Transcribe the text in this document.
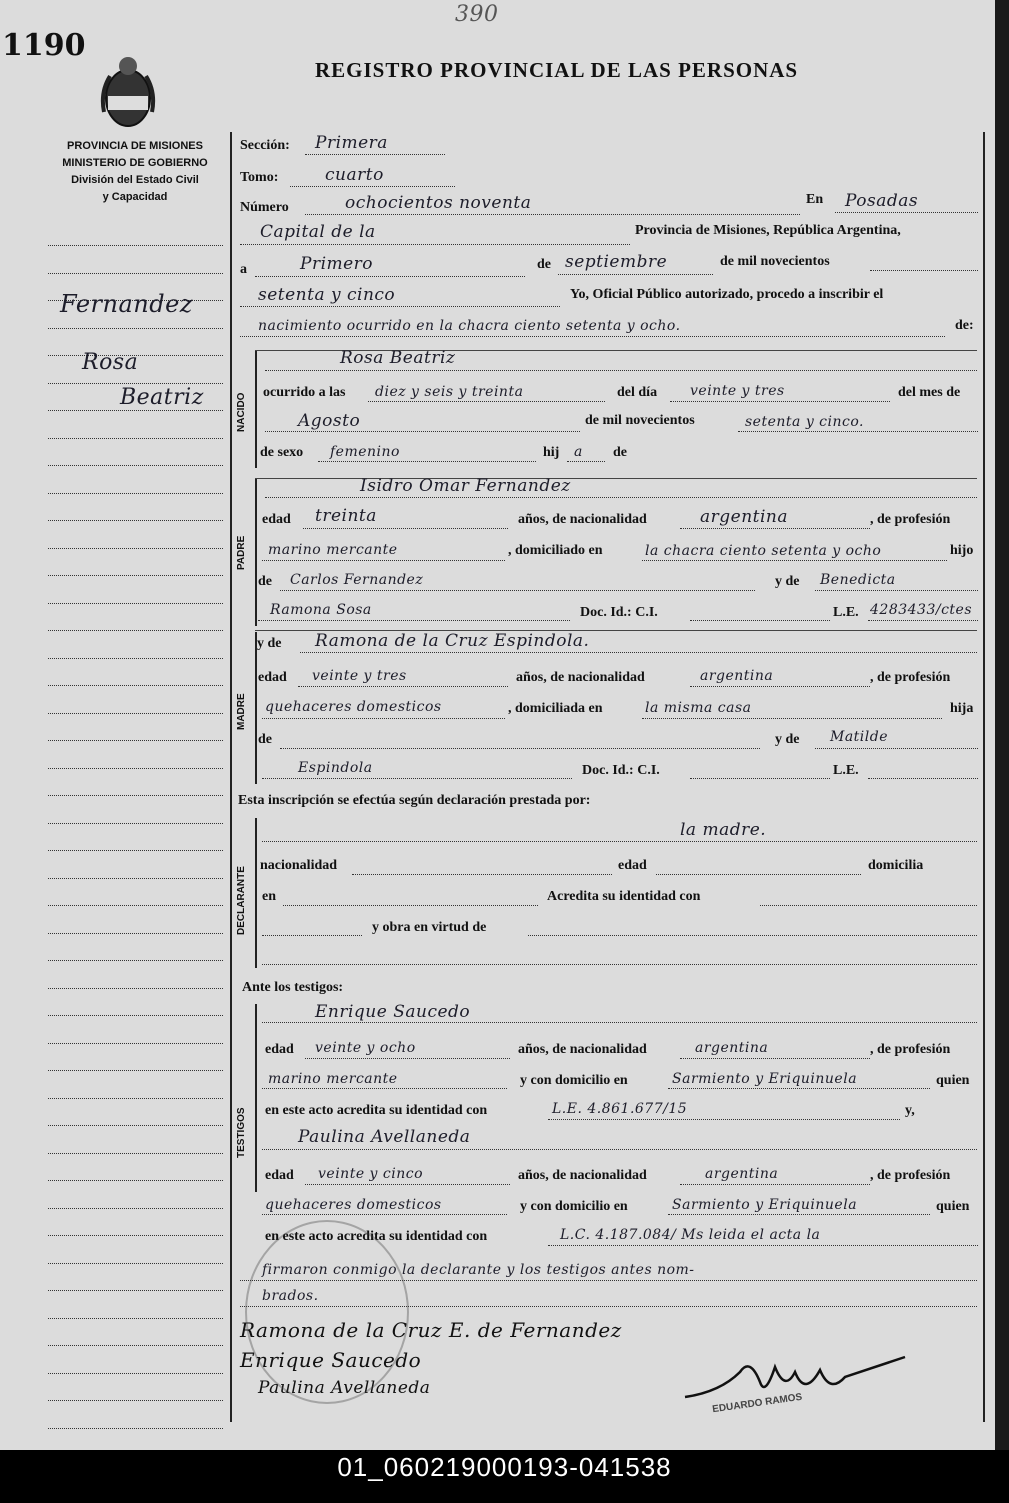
1190
390
REGISTRO PROVINCIAL DE LAS PERSONAS
PROVINCIA DE MISIONES
MINISTERIO DE GOBIERNO
División del Estado Civil
y Capacidad
Fernandez
Rosa
Beatriz
Sección: Primera
Tomo:	cuarto
Número	ochocientos noventa	En Posadas
Capital de la	Provincia de Misiones, República Argentina,
a	Primero	de septiembre	de mil novecientos
setenta y cinco	Yo, Oficial Público autorizado, procedo a inscribir el
nacimiento ocurrido en la chacra ciento setenta y ocho.	de:
NACIDO
Rosa Beatriz
ocurrido a las diez y seis y treinta	del día veinte y tres	del mes de
Agosto	de mil novecientos	setenta y cinco.
de sexo femenino	hij a de
PADRE
Isidro Omar Fernandez
edad treinta	años, de nacionalidad	argentina	, de profesión
marino mercante	, domiciliado en	la chacra ciento setenta y ocho	hijo
de Carlos Fernandez	y de Benedicta
Ramona Sosa	Doc. Id.: C.I.	L.E. 4283433/ctes
MADRE
y de Ramona de la Cruz Espindola.
edad veinte y tres	años, de nacionalidad	argentina	, de profesión
quehaceres domesticos	, domiciliada en	la misma casa	hija
de	y de Matilde
Espindola	Doc. Id.: C.I.	L.E.
Esta inscripción se efectúa según declaración prestada por:
DECLARANTE
la madre.
nacionalidad	edad	domicilia
en	Acredita su identidad con
y obra en virtud de
Ante los testigos:
TESTIGOS
Enrique Saucedo
edad veinte y ocho	años, de nacionalidad	argentina	, de profesión
marino mercante	y con domicilio en	Sarmiento y Eriquinuela	quien
en este acto acredita su identidad con	L.E. 4.861.677/15	y,
Paulina Avellaneda
edad veinte y cinco	años, de nacionalidad	argentina	, de profesión
quehaceres domesticos	y con domicilio en	Sarmiento y Eriquinuela	quien
en este acto acredita su identidad con	L.C. 4.187.084/ Ms leida el acta la
firmaron conmigo la declarante y los testigos antes nom-
brados.
Ramona de la Cruz E. de Fernandez
Enrique Saucedo
Paulina Avellaneda
EDUARDO RAMOS
01_060219000193-041538
